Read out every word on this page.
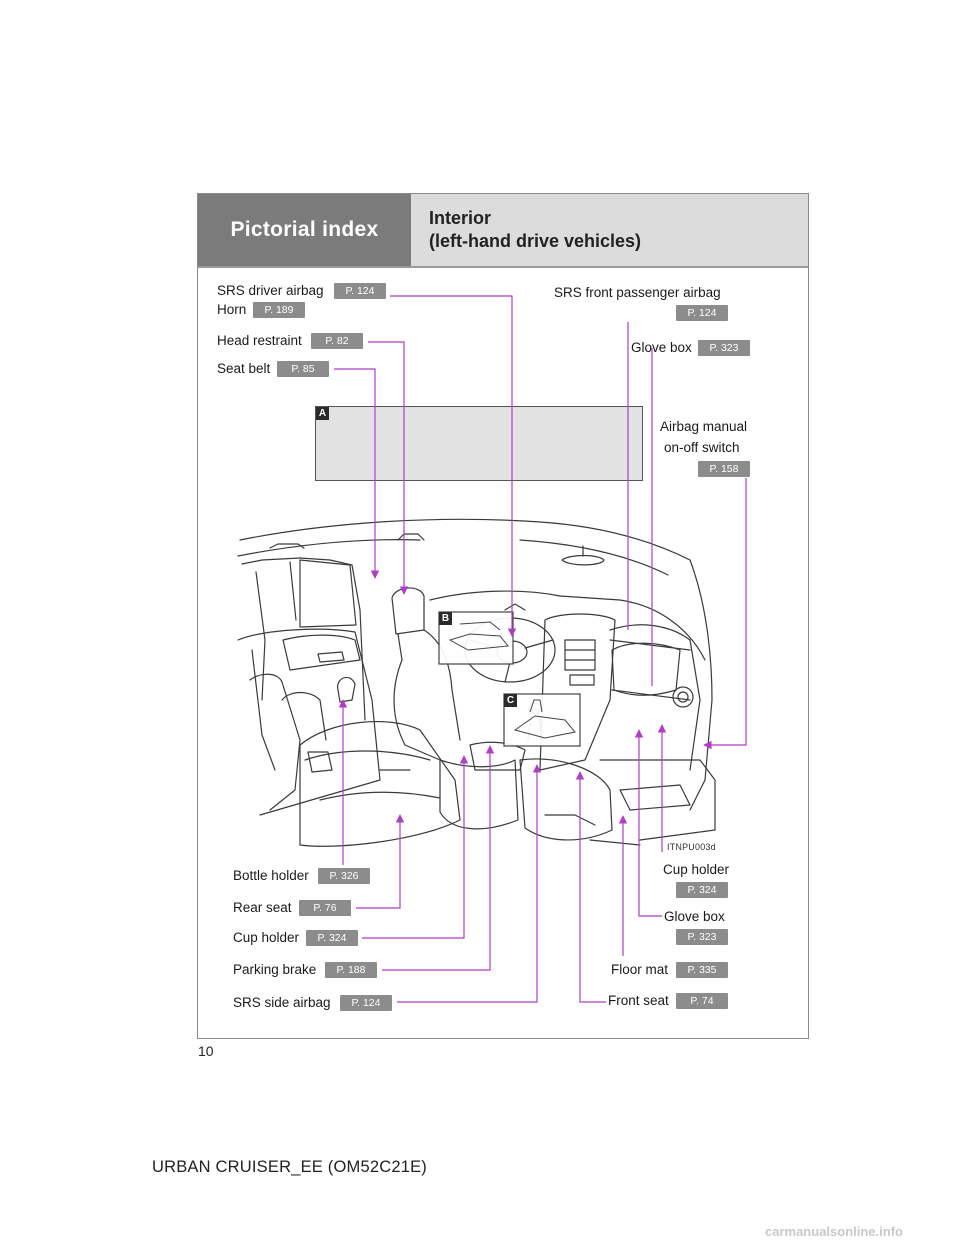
Pictorial index	Interior
(left-hand drive vehicles)
A
B
C
SRS driver airbag	P. 124
Horn	P. 189
Head restraint	P. 82
Seat belt	P. 85
SRS front passenger airbag
P. 124
Glove box	P. 323
Airbag manual
on-off switch
P. 158
Bottle holder	P. 326
Rear seat	P. 76
Cup holder	P. 324
Parking brake	P. 188
SRS side airbag	P. 124
Cup holder
P. 324
Glove box
P. 323
Floor mat	P. 335
Front seat	P. 74
ITNPU003d
10
URBAN CRUISER_EE (OM52C21E)
carmanualsonline.info
